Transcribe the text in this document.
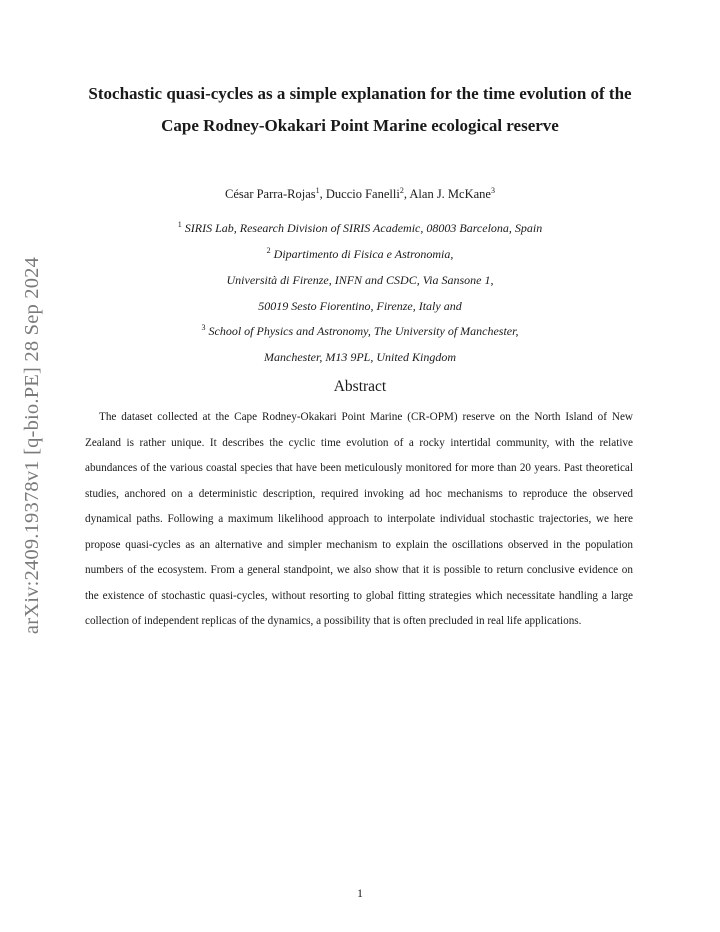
arXiv:2409.19378v1 [q-bio.PE] 28 Sep 2024
Stochastic quasi-cycles as a simple explanation for the time evolution of the Cape Rodney-Okakari Point Marine ecological reserve
César Parra-Rojas$^1$, Duccio Fanelli$^2$, Alan J. McKane$^3$
$^1$ SIRIS Lab, Research Division of SIRIS Academic, 08003 Barcelona, Spain
$^2$ Dipartimento di Fisica e Astronomia,
Università di Firenze, INFN and CSDC, Via Sansone 1,
50019 Sesto Fiorentino, Firenze, Italy and
$^3$ School of Physics and Astronomy, The University of Manchester,
Manchester, M13 9PL, United Kingdom
Abstract

The dataset collected at the Cape Rodney-Okakari Point Marine (CR-OPM) reserve on the North Island of New Zealand is rather unique. It describes the cyclic time evolution of a rocky intertidal community, with the relative abundances of the various coastal species that have been meticulously monitored for more than 20 years. Past theoretical studies, anchored on a deterministic description, required invoking ad hoc mechanisms to reproduce the observed dynamical paths. Following a maximum likelihood approach to interpolate individual stochastic trajectories, we here propose quasi-cycles as an alternative and simpler mechanism to explain the oscillations observed in the population numbers of the ecosystem. From a general standpoint, we also show that it is possible to return conclusive evidence on the existence of stochastic quasi-cycles, without resorting to global fitting strategies which necessitate handling a large collection of independent replicas of the dynamics, a possibility that is often precluded in real life applications.

1
